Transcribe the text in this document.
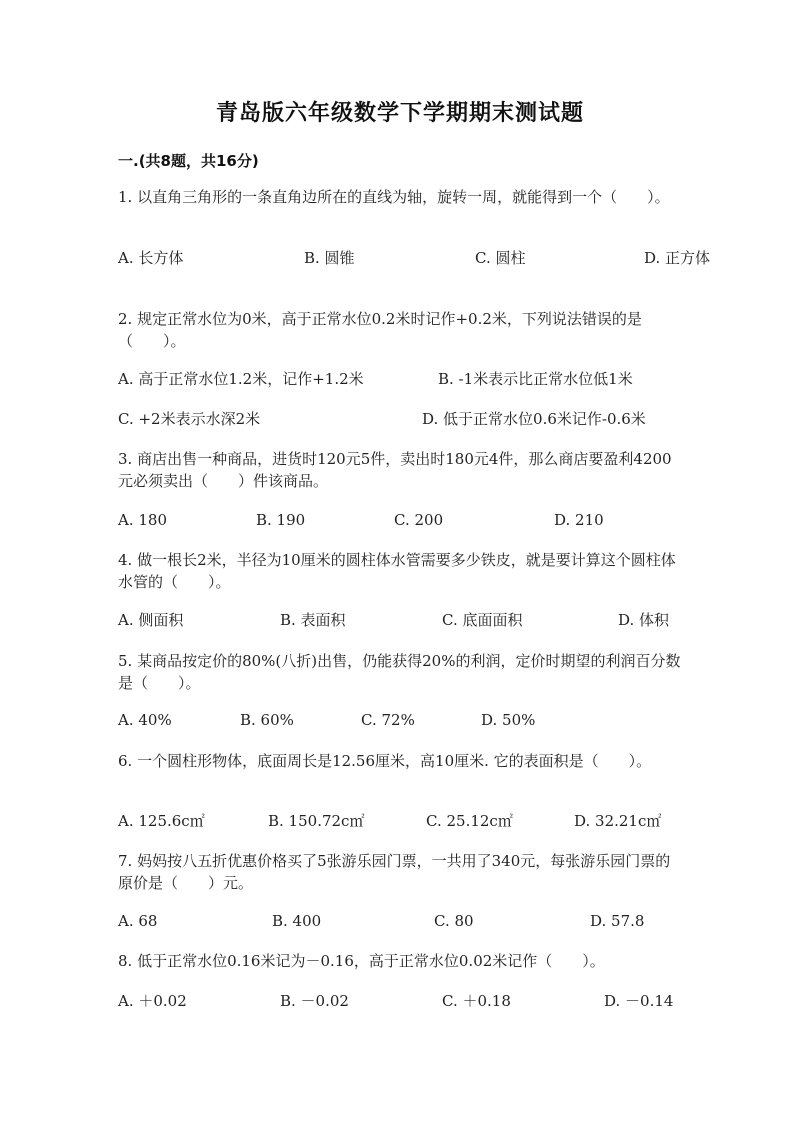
青岛版六年级数学下学期期末测试题
一.(共8题，共16分)
1. 以直角三角形的一条直角边所在的直线为轴，旋转一周，就能得到一个（　　）。
A. 长方体	B. 圆锥	C. 圆柱	D. 正方体
2. 规定正常水位为0米，高于正常水位0.2米时记作+0.2米，下列说法错误的是（　　）。
A. 高于正常水位1.2米，记作+1.2米	B. -1米表示比正常水位低1米
C. +2米表示水深2米	D. 低于正常水位0.6米记作-0.6米
3. 商店出售一种商品，进货时120元5件，卖出时180元4件，那么商店要盈利4200元必须卖出（　　）件该商品。
A. 180	B. 190	C. 200	D. 210
4. 做一根长2米，半径为10厘米的圆柱体水管需要多少铁皮，就是要计算这个圆柱体水管的（　　）。
A. 侧面积	B. 表面积	C. 底面面积	D. 体积
5. 某商品按定价的80%(八折)出售，仍能获得20%的利润，定价时期望的利润百分数是（　　）。
A. 40%	B. 60%	C. 72%	D. 50%
6. 一个圆柱形物体，底面周长是12.56厘米，高10厘米. 它的表面积是（　　）。
A. 125.6c㎡	B. 150.72c㎡	C. 25.12c㎡	D. 32.21c㎡
7. 妈妈按八五折优惠价格买了5张游乐园门票，一共用了340元，每张游乐园门票的原价是（　　）元。
A. 68	B. 400	C. 80	D. 57.8
8. 低于正常水位0.16米记为－0.16，高于正常水位0.02米记作（　　）。
A. ＋0.02	B. －0.02	C. ＋0.18	D. －0.14
